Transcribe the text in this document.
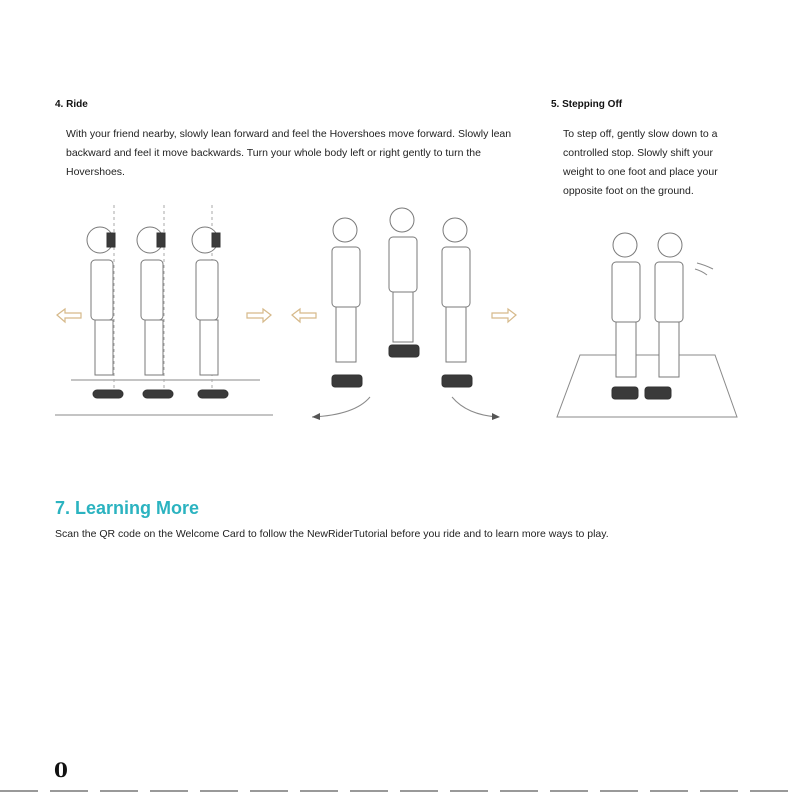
4. Ride
With your friend nearby, slowly lean forward and feel the Hovershoes move forward. Slowly lean backward and feel it move backwards. Turn your whole body left or right gently to turn the Hovershoes.
5. Stepping Off
To step off, gently slow down to a controlled stop. Slowly shift your weight to one foot and place your opposite foot on the ground.
7. Learning More
Scan the QR code on the Welcome Card to follow the NewRiderTutorial before you ride and to learn more ways to play.
0
